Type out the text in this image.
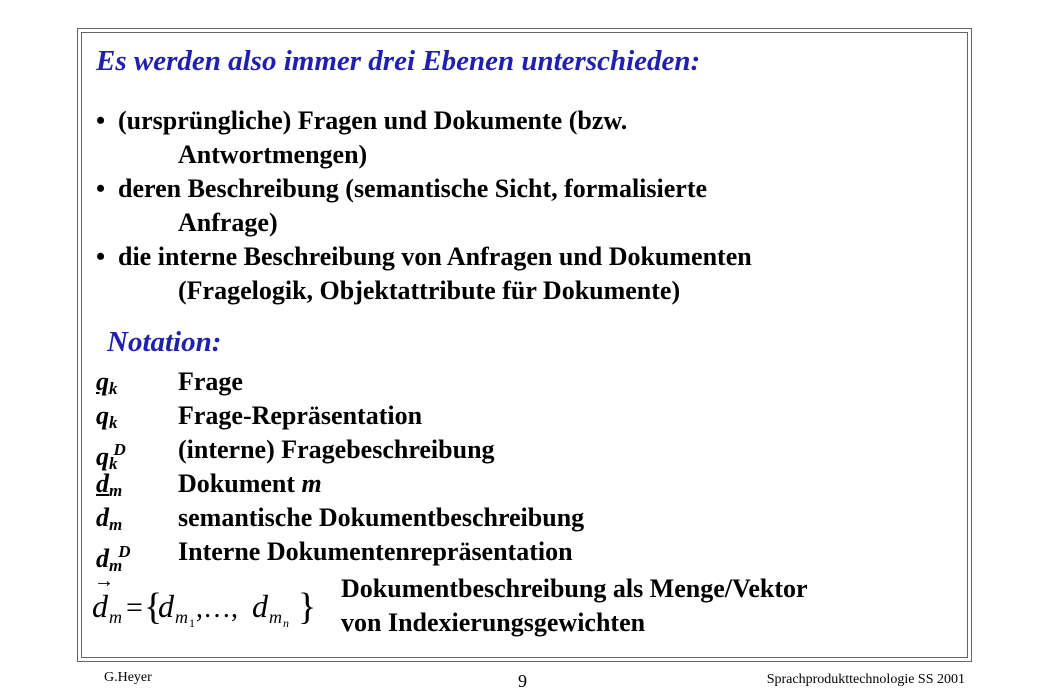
Es werden also immer drei Ebenen unterschieden:
• (ursprüngliche) Fragen und Dokumente (bzw.
Antwortmengen)
• deren Beschreibung (semantische Sicht, formalisierte
Anfrage)
• die interne Beschreibung von Anfragen und Dokumenten
(Fragelogik, Objektattribute für Dokumente)
Notation:
$q_k$ Frage
$q_k$ Frage-Repräsentation
$q_k^D$ (interne) Fragebeschreibung
$d_m$ Dokument m
$d_m$ semantische Dokumentbeschreibung
$d_m^D$ Interne Dokumentenrepräsentation
→
d m = {
d m 1 ,…, d m n } Dokumentbeschreibung als Menge/Vektor
von Indexierungsgewichten
G.Heyer	9	Sprachprodukttechnologie SS 2001
